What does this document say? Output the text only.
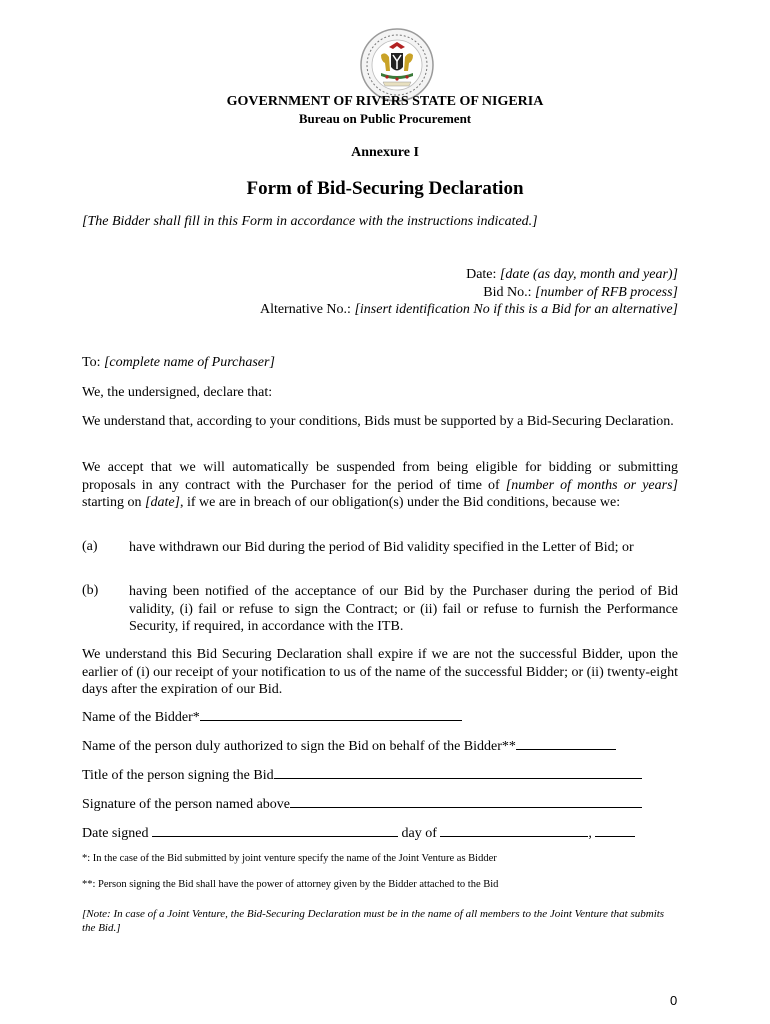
GOVERNMENT OF RIVERS STATE OF NIGERIA
Bureau on Public Procurement
Annexure I
Form of Bid-Securing Declaration
[The Bidder shall fill in this Form in accordance with the instructions indicated.]
Date: [date (as day, month and year)]
Bid No.: [number of RFB process]
Alternative No.: [insert identification No if this is a Bid for an alternative]
To: [complete name of Purchaser]
We, the undersigned, declare that:
We understand that, according to your conditions, Bids must be supported by a Bid-Securing Declaration.
We accept that we will automatically be suspended from being eligible for bidding or submitting proposals in any contract with the Purchaser for the period of time of [number of months or years] starting on [date], if we are in breach of our obligation(s) under the Bid conditions, because we:
(a) have withdrawn our Bid during the period of Bid validity specified in the Letter of Bid; or
(b) having been notified of the acceptance of our Bid by the Purchaser during the period of Bid validity, (i) fail or refuse to sign the Contract; or (ii) fail or refuse to furnish the Performance Security, if required, in accordance with the ITB.
We understand this Bid Securing Declaration shall expire if we are not the successful Bidder, upon the earlier of (i) our receipt of your notification to us of the name of the successful Bidder; or (ii) twenty-eight days after the expiration of our Bid.
Name of the Bidder*
Name of the person duly authorized to sign the Bid on behalf of the Bidder**
Title of the person signing the Bid
Signature of the person named above
Date signed	day of	,
*: In the case of the Bid submitted by joint venture specify the name of the Joint Venture as Bidder
**: Person signing the Bid shall have the power of attorney given by the Bidder attached to the Bid
[Note: In case of a Joint Venture, the Bid-Securing Declaration must be in the name of all members to the Joint Venture that submits the Bid.]
0
